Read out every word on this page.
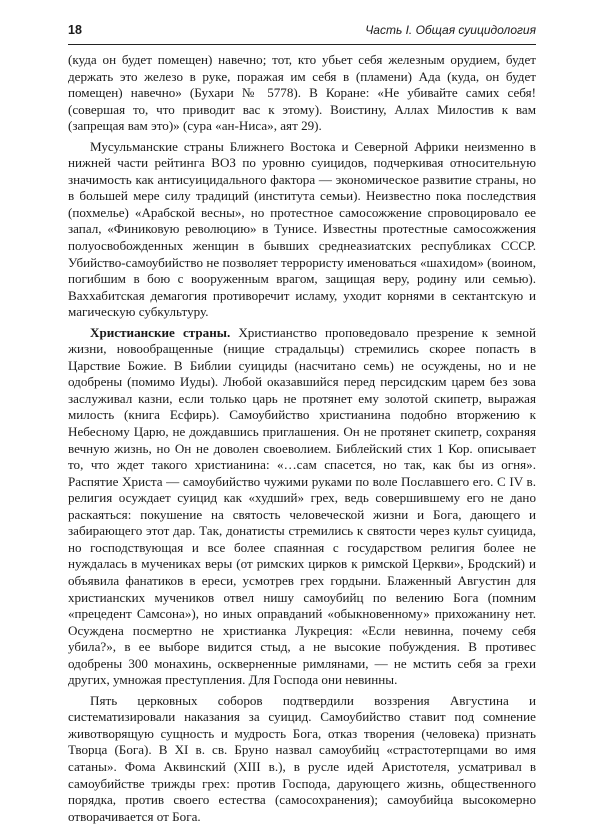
18	Часть I. Общая суицидология

(куда он будет помещен) навечно; тот, кто убьет себя железным орудием, будет держать это железо в руке, поражая им себя в (пламени) Ада (куда, он будет помещен) навечно» (Бухари № 5778). В Коране: «Не убивайте самих себя! (совершая то, что приводит вас к этому). Воистину, Аллах Милостив к вам (запрещая вам это)» (сура «ан-Ниса», аят 29).

Мусульманские страны Ближнего Востока и Северной Африки неизменно в нижней части рейтинга ВОЗ по уровню суицидов, подчеркивая относительную значимость как антисуицидального фактора — экономическое развитие страны, но в большей мере силу традиций (института семьи). Неизвестно пока последствия (похмелье) «Арабской весны», но протестное самосожжение спровоцировало ее запал, «Финиковую революцию» в Тунисе. Известны протестные самосожжения полуосвобожденных женщин в бывших среднеазиатских республиках СССР. Убийство-самоубийство не позволяет террористу именоваться «шахидом» (воином, погибшим в бою с вооруженным врагом, защищая веру, родину или семью). Ваххабитская демагогия противоречит исламу, уходит корнями в сектантскую и магическую субкультуру.

Христианские страны. Христианство проповедовало презрение к земной жизни, новообращенные (нищие страдальцы) стремились скорее попасть в Царствие Божие. В Библии суициды (насчитано семь) не осуждены, но и не одобрены (помимо Иуды). Любой оказавшийся перед персидским царем без зова заслуживал казни, если только царь не протянет ему золотой скипетр, выражая милость (книга Есфирь). Самоубийство христианина подобно вторжению к Небесному Царю, не дождавшись приглашения. Он не протянет скипетр, сохраняя вечную жизнь, но Он не доволен своеволием. Библейский стих 1 Кор. описывает то, что ждет такого христианина: «…сам спасется, но так, как бы из огня». Распятие Христа — самоубийство чужими руками по воле Пославшего его. С IV в. религия осуждает суицид как «худший» грех, ведь совершившему его не дано раскаяться: покушение на святость человеческой жизни и Бога, дающего и забирающего этот дар. Так, донатисты стремились к святости через культ суицида, но господствующая и все более спаянная с государством религия более не нуждалась в мучениках веры (от римских цирков к римской Церкви», Бродский) и объявила фанатиков в ереси, усмотрев грех гордыни. Блаженный Августин для христианских мучеников отвел нишу самоубийц по велению Бога (помним «прецедент Самсона»), но иных оправданий «обыкновенному» прихожанину нет. Осуждена посмертно не христианка Лукреция: «Если невинна, почему себя убила?», в ее выборе видится стыд, а не высокие побуждения. В противес одобрены 300 монахинь, оскверненные римлянами, — не мстить себя за грехи других, умножая преступления. Для Господа они невинны.

Пять церковных соборов подтвердили воззрения Августина и систематизировали наказания за суицид. Самоубийство ставит под сомнение животворящую сущность и мудрость Бога, отказ творения (человека) признать Творца (Бога). В XI в. св. Бруно назвал самоубийц «страстотерпцами во имя сатаны». Фома Аквинский (XIII в.), в русле идей Аристотеля, усматривал в самоубийстве трижды грех: против Господа, дарующего жизнь, общественного порядка, против своего естества (самосохранения); самоубийца высокомерно отворачивается от Бога.
